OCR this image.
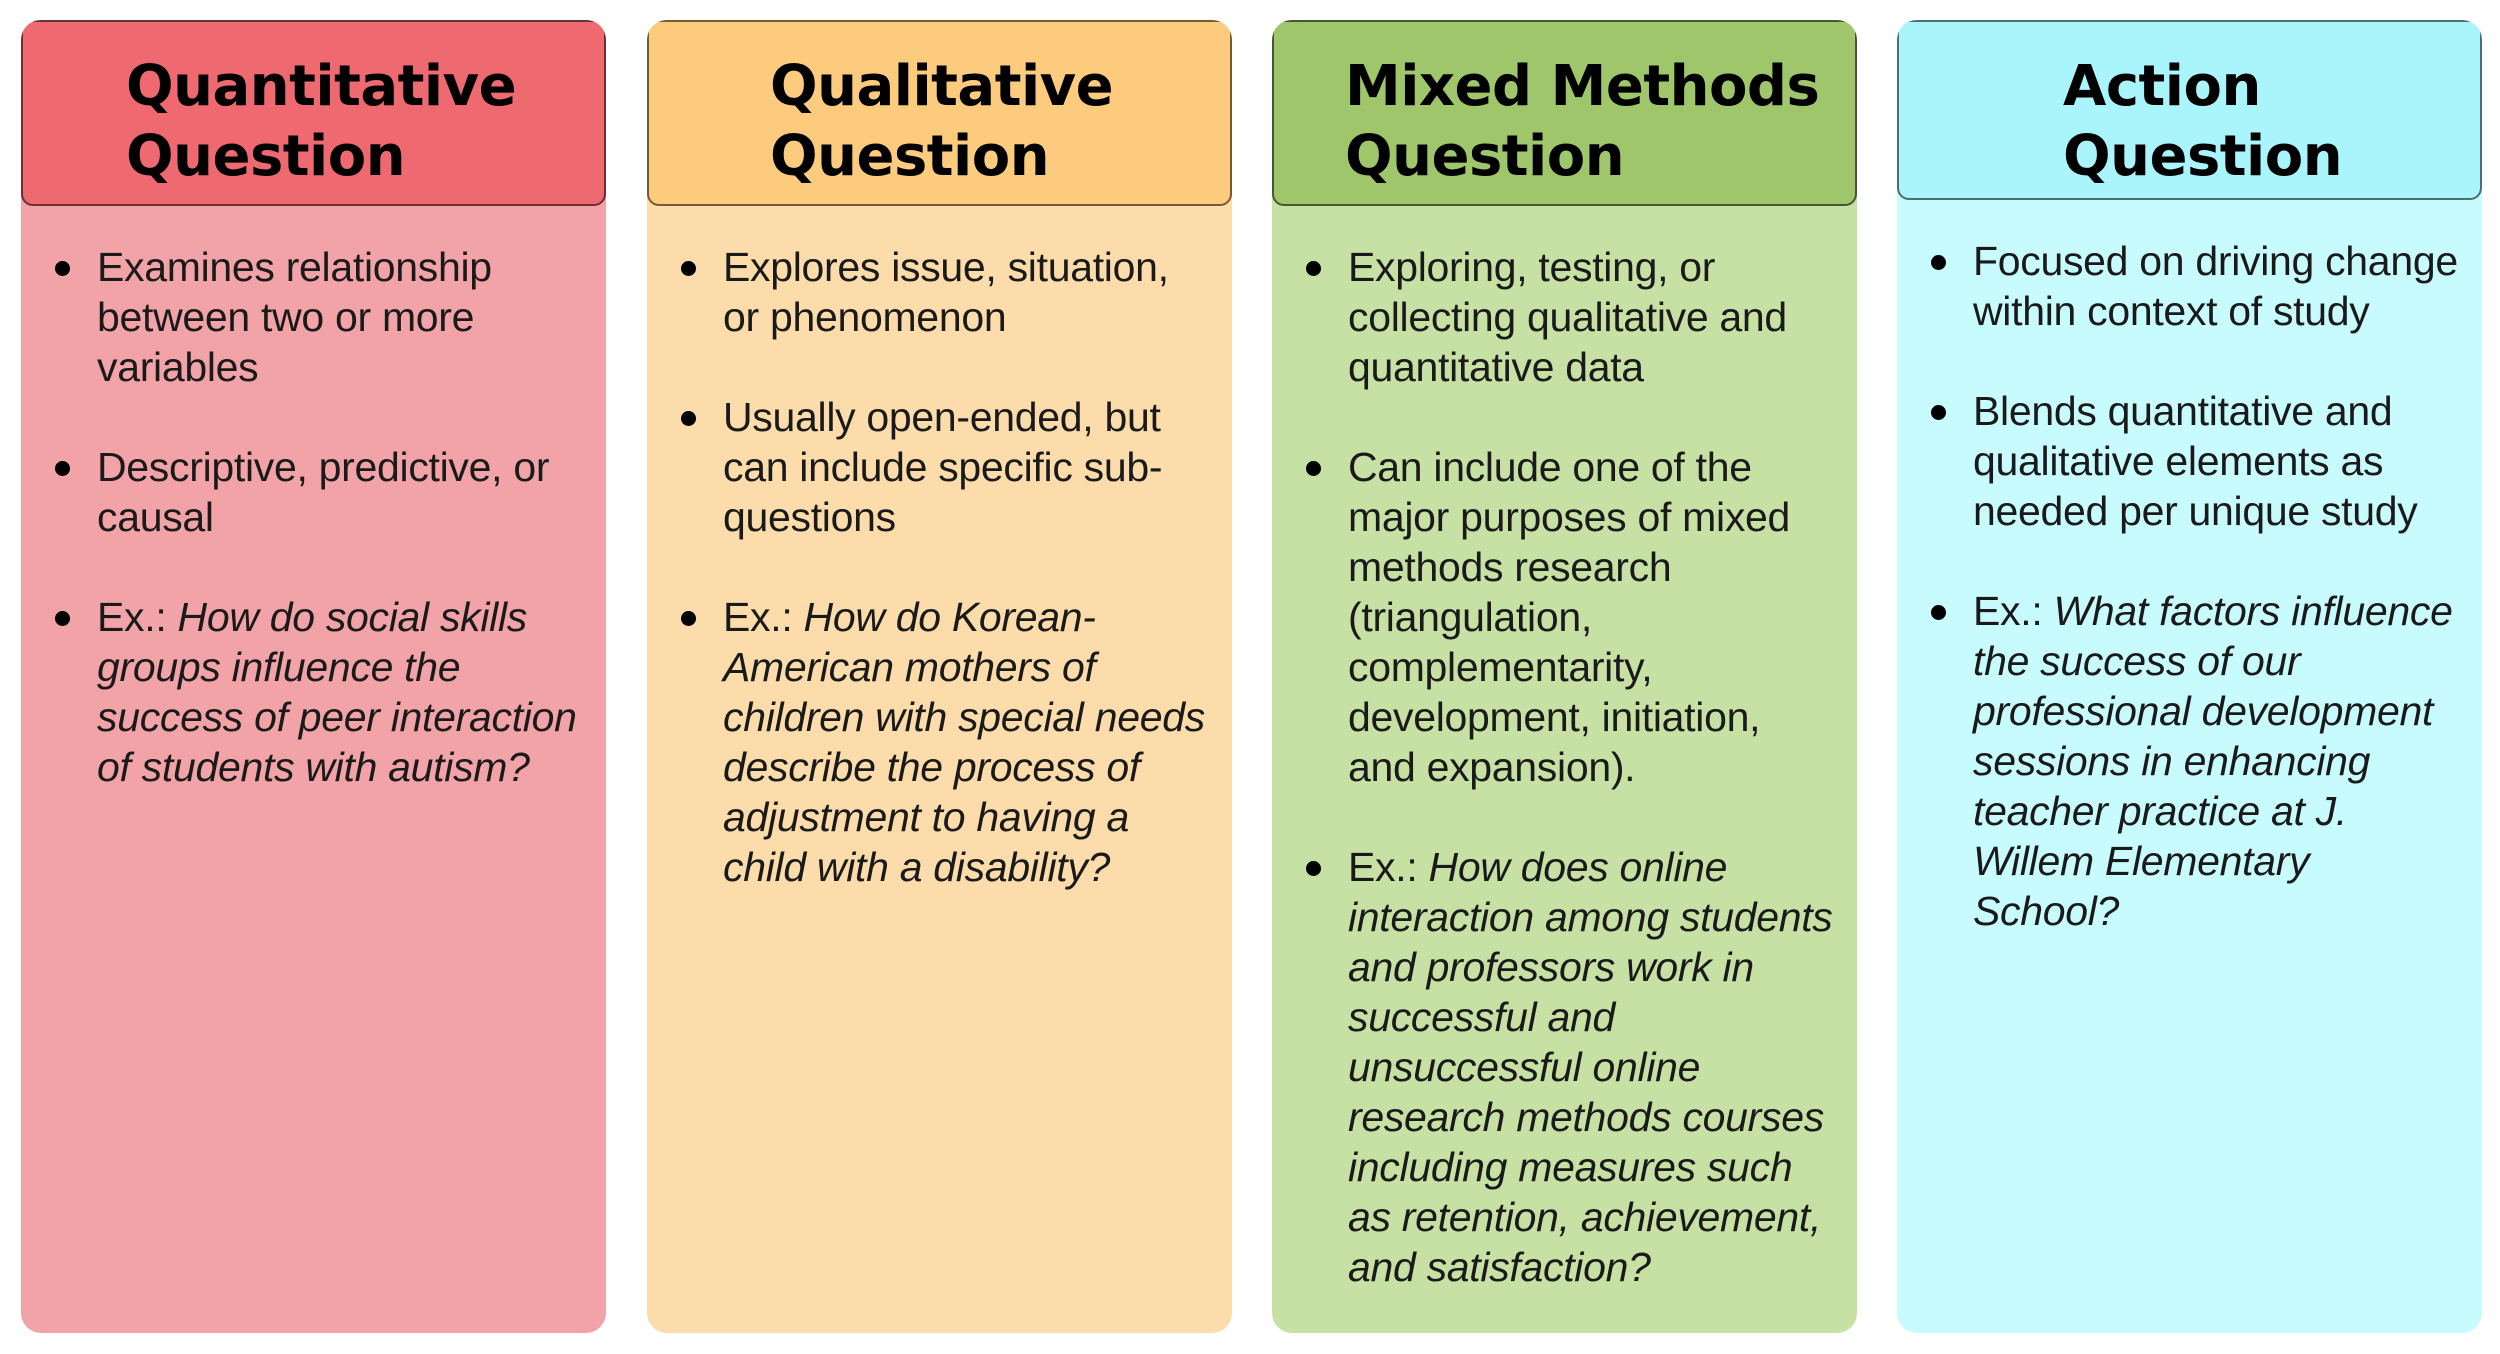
Quantitative
Question
Examines relationship between two or more variables
Descriptive, predictive, or causal
Ex.: How do social skills groups influence the success of peer interaction of students with autism?
Qualitative
Question
Explores issue, situation, or phenomenon
Usually open-ended, but can include specific sub-questions
Ex.: How do Korean-American mothers of children with special needs describe the process of adjustment to having a child with a disability?
Mixed Methods
Question
Exploring, testing, or collecting qualitative and quantitative data
Can include one of the major purposes of mixed methods research (triangulation, complementarity, development, initiation, and expansion).
Ex.: How does online interaction among students and professors work in successful and unsuccessful online research methods courses including measures such as retention, achievement, and satisfaction?
Action
Question
Focused on driving change within context of study
Blends quantitative and qualitative elements as needed per unique study
Ex.: What factors influence the success of our professional development sessions in enhancing teacher practice at J. Willem Elementary School?
